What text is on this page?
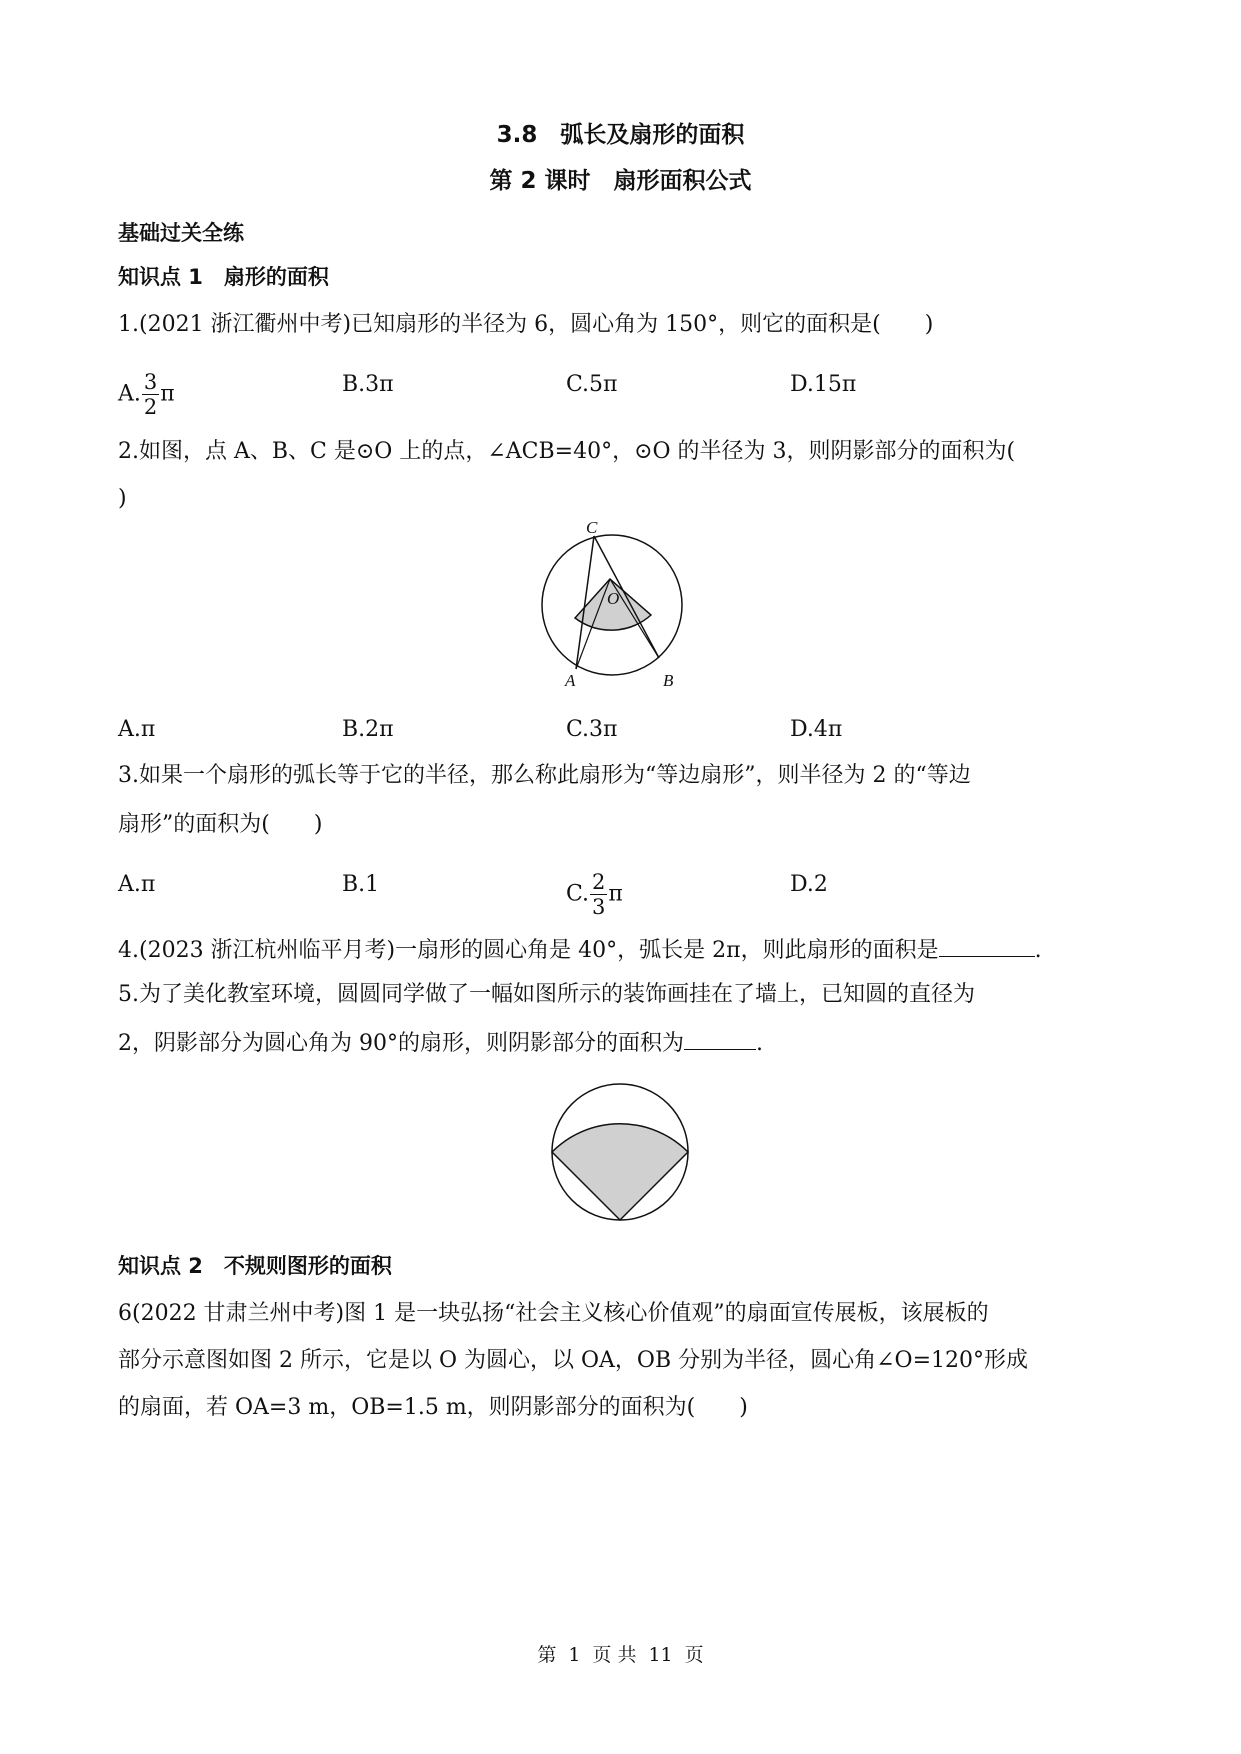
3.8　弧长及扇形的面积
第 2 课时　扇形面积公式
基础过关全练
知识点 1　扇形的面积
1.(2021 浙江衢州中考)已知扇形的半径为 6，圆心角为 150°，则它的面积是(　　)
A. $\frac{3}{2}$ π	B.3π	C.5π	D.15π
2.如图，点 A、B、C 是⊙O 上的点，∠ACB=40°，⊙O 的半径为 3，则阴影部分的面积为(
)
C
O
A	B
A.π	B.2π	C.3π	D.4π
3.如果一个扇形的弧长等于它的半径，那么称此扇形为“等边扇形”，则半径为 2 的“等边
扇形”的面积为(　　)
A.π	B.1	C. $\frac{2}{3}$ π	D.2
4.(2023 浙江杭州临平月考)一扇形的圆心角是 40°，弧长是 2π，则此扇形的面积是	.
5.为了美化教室环境，圆圆同学做了一幅如图所示的装饰画挂在了墙上，已知圆的直径为
2，阴影部分为圆心角为 90°的扇形，则阴影部分的面积为	.
知识点 2　不规则图形的面积
6(2022 甘肃兰州中考)图 1 是一块弘扬“社会主义核心价值观”的扇面宣传展板，该展板的
部分示意图如图 2 所示，它是以 O 为圆心，以 OA，OB 分别为半径，圆心角∠O=120°形成
的扇面，若 OA=3 m，OB=1.5 m，则阴影部分的面积为(　　)
第 1 页 共 11 页
